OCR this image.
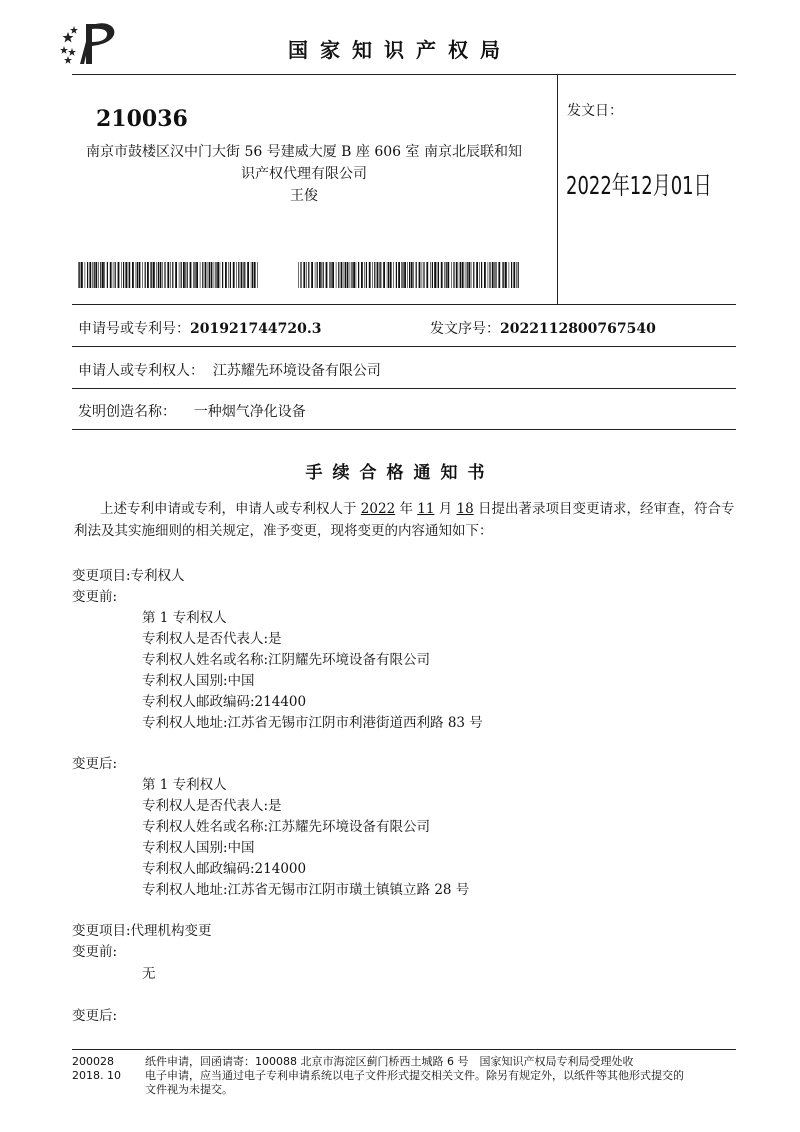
国家知识产权局
210036
南京市鼓楼区汉中门大街 56 号建威大厦 B 座 606 室 南京北辰联和知
识产权代理有限公司
王俊
发文日：
2022年12月01日
申请号或专利号：201921744720.3	发文序号：2022112800767540
申请人或专利权人： 江苏耀先环境设备有限公司
发明创造名称： 一种烟气净化设备
手续合格通知书
上述专利申请或专利，申请人或专利权人于 2022 年 11 月 18 日提出著录项目变更请求，经审查，符合专利法及其实施细则的相关规定，准予变更，现将变更的内容通知如下：
变更项目:专利权人
变更前:
第 1 专利权人
专利权人是否代表人:是
专利权人姓名或名称:江阴耀先环境设备有限公司
专利权人国别:中国
专利权人邮政编码:214400
专利权人地址:江苏省无锡市江阴市利港街道西利路 83 号
变更后:
第 1 专利权人
专利权人是否代表人:是
专利权人姓名或名称:江苏耀先环境设备有限公司
专利权人国别:中国
专利权人邮政编码:214000
专利权人地址:江苏省无锡市江阴市璜土镇镇立路 28 号
变更项目:代理机构变更
变更前:
无
变更后:
200028
2018. 10
纸件申请，回函请寄：100088 北京市海淀区蓟门桥西土城路 6 号　国家知识产权局专利局受理处收
电子申请，应当通过电子专利申请系统以电子文件形式提交相关文件。除另有规定外，以纸件等其他形式提交的
文件视为未提交。
